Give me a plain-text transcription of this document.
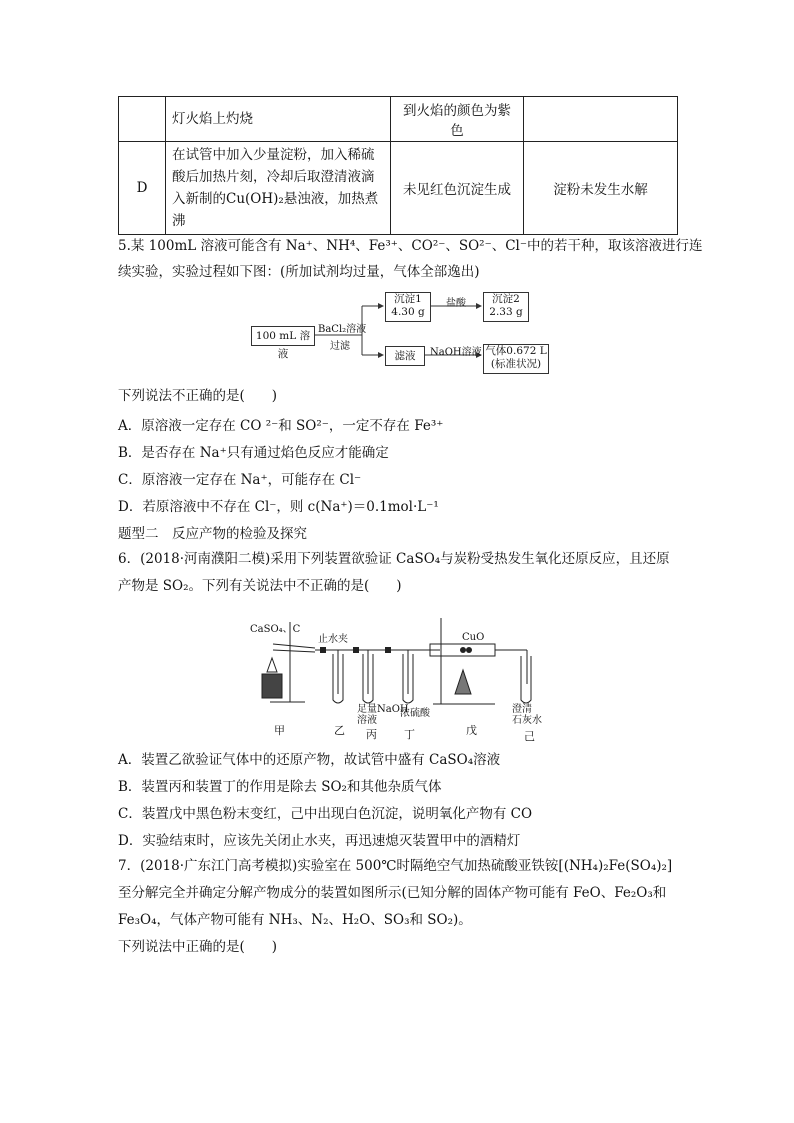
	灯火焰上灼烧	到火焰的颜色为紫色	
D	在试管中加入少量淀粉，加入稀硫
酸后加热片刻，冷却后取澄清液滴
入新制的Cu(OH)₂悬浊液，加热煮沸	未见红色沉淀生成	淀粉未发生水解
5.某 100mL 溶液可能含有 Na⁺、NH⁴、Fe³⁺、CO²⁻、SO²⁻、Cl⁻中的若干种，取该溶液进行连
续实验，实验过程如下图：(所加试剂均过量，气体全部逸出)
100 mL 溶液
BaCl₂溶液
过滤
沉淀1
4.30 g
盐酸	沉淀2
2.33 g
滤液	NaOH溶液 气体0.672 L
(标准状况)
下列说法不正确的是(　　)
A．原溶液一定存在 CO ²⁻和 SO²⁻，一定不存在 Fe³⁺
B．是否存在 Na⁺只有通过焰色反应才能确定
C．原溶液一定存在 Na⁺，可能存在 Cl⁻
D．若原溶液中不存在 Cl⁻，则 c(Na⁺)＝0.1mol·L⁻¹
题型二　反应产物的检验及探究
6．(2018·河南濮阳二模)采用下列装置欲验证 CaSO₄与炭粉受热发生氧化还原反应，且还原
产物是 SO₂。下列有关说法中不正确的是(　　)
CaSO₄、C
止水夹	CuO
足量NaOH
溶液
浓硫酸	澄清
石灰水
甲	乙 丙 丁	戊	己
A．装置乙欲验证气体中的还原产物，故试管中盛有 CaSO₄溶液
B．装置丙和装置丁的作用是除去 SO₂和其他杂质气体
C．装置戊中黑色粉末变红，己中出现白色沉淀，说明氧化产物有 CO
D．实验结束时，应该先关闭止水夹，再迅速熄灭装置甲中的酒精灯
7．(2018·广东江门高考模拟)实验室在 500℃时隔绝空气加热硫酸亚铁铵[(NH₄)₂Fe(SO₄)₂]
至分解完全并确定分解产物成分的装置如图所示(已知分解的固体产物可能有 FeO、Fe₂O₃和
Fe₃O₄，气体产物可能有 NH₃、N₂、H₂O、SO₃和 SO₂)。
下列说法中正确的是(　　)
